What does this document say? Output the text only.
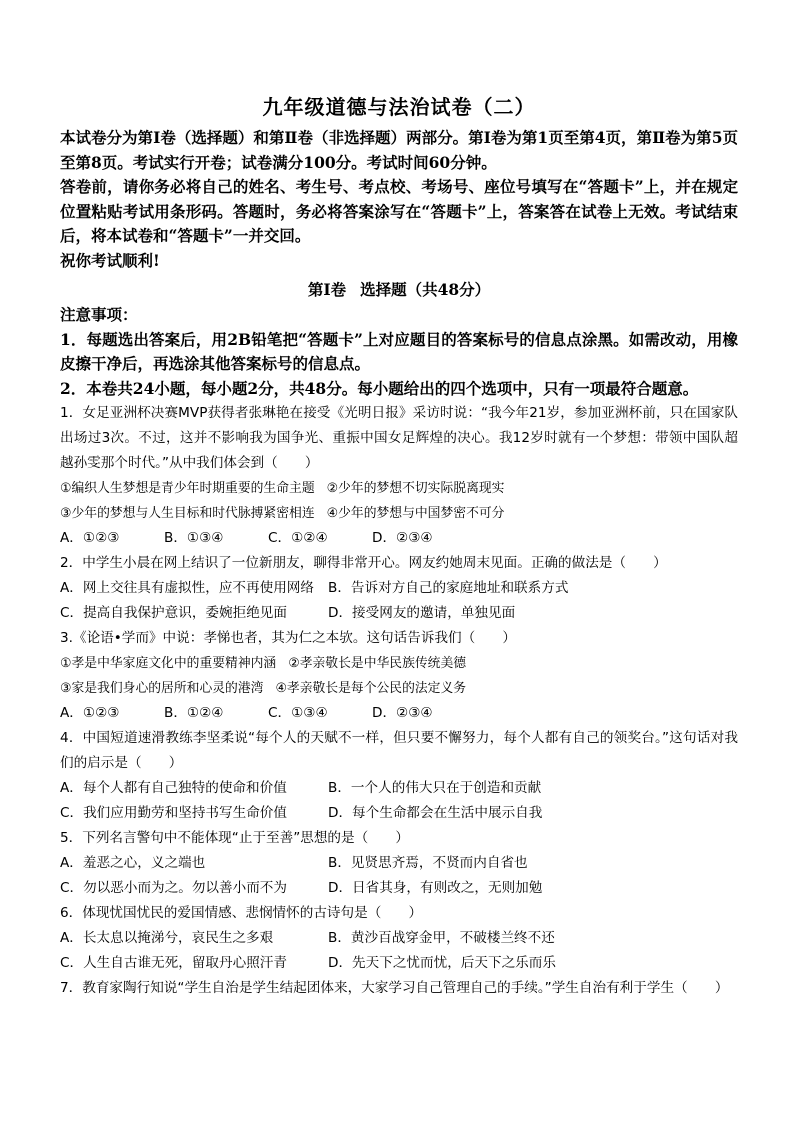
九年级道德与法治试卷（二）

本试卷分为第Ⅰ卷（选择题）和第Ⅱ卷（非选择题）两部分。第Ⅰ卷为第1页至第4页，第Ⅱ卷为第5页至第8页。考试实行开卷；试卷满分100分。考试时间60分钟。

答卷前，请你务必将自己的姓名、考生号、考点校、考场号、座位号填写在“答题卡”上，并在规定位置粘贴考试用条形码。答题时，务必将答案涂写在“答题卡”上，答案答在试卷上无效。考试结束后，将本试卷和“答题卡”一并交回。

祝你考试顺利!

第Ⅰ卷 选择题（共48分）

注意事项：

1．每题选出答案后，用2B铅笔把“答题卡”上对应题目的答案标号的信息点涂黑。如需改动，用橡皮擦干净后，再选涂其他答案标号的信息点。

2．本卷共24小题，每小题2分，共48分。每小题给出的四个选项中，只有一项最符合题意。

1．女足亚洲杯决赛MVP获得者张琳艳在接受《光明日报》采访时说：“我今年21岁，参加亚洲杯前，只在国家队出场过3次。不过，这并不影响我为国争光、重振中国女足辉煌的决心。我12岁时就有一个梦想：带领中国队超越孙雯那个时代。”从中我们体会到（　　）

①编织人生梦想是青少年时期重要的生命主题 ②少年的梦想不切实际脱离现实

③少年的梦想与人生目标和时代脉搏紧密相连 ④少年的梦想与中国梦密不可分

A．①②③	B．①③④	C．①②④	D．②③④

2．中学生小晨在网上结识了一位新朋友，聊得非常开心。网友约她周末见面。正确的做法是（　　）

A．网上交往具有虚拟性，应不再使用网络	B．告诉对方自己的家庭地址和联系方式
C．提高自我保护意识，委婉拒绝见面	D．接受网友的邀请，单独见面

3.《论语•学而》中说：孝悌也者，其为仁之本欤。这句话告诉我们（　　）

①孝是中华家庭文化中的重要精神内涵 ②孝亲敬长是中华民族传统美德

③家是我们身心的居所和心灵的港湾 ④孝亲敬长是每个公民的法定义务

A．①②③	B．①②④	C．①③④	D．②③④

4．中国短道速滑教练李坚柔说“每个人的天赋不一样，但只要不懈努力，每个人都有自己的领奖台。”这句话对我们的启示是（　　）

A．每个人都有自己独特的使命和价值	B．一个人的伟大只在于创造和贡献
C．我们应用勤劳和坚持书写生命价值	D．每个生命都会在生活中展示自我

5．下列名言警句中不能体现“止于至善”思想的是（　　）

A．羞恶之心，义之端也	B．见贤思齐焉，不贤而内自省也
C．勿以恶小而为之。勿以善小而不为	D．日省其身，有则改之，无则加勉

6．体现忧国忧民的爱国情感、悲悯情怀的古诗句是（　　）

A．长太息以掩涕兮，哀民生之多艰	B．黄沙百战穿金甲，不破楼兰终不还
C．人生自古谁无死，留取丹心照汗青	D．先天下之忧而忧，后天下之乐而乐

7．教育家陶行知说“学生自治是学生结起团体来，大家学习自己管理自己的手续。”学生自治有利于学生（　　）
